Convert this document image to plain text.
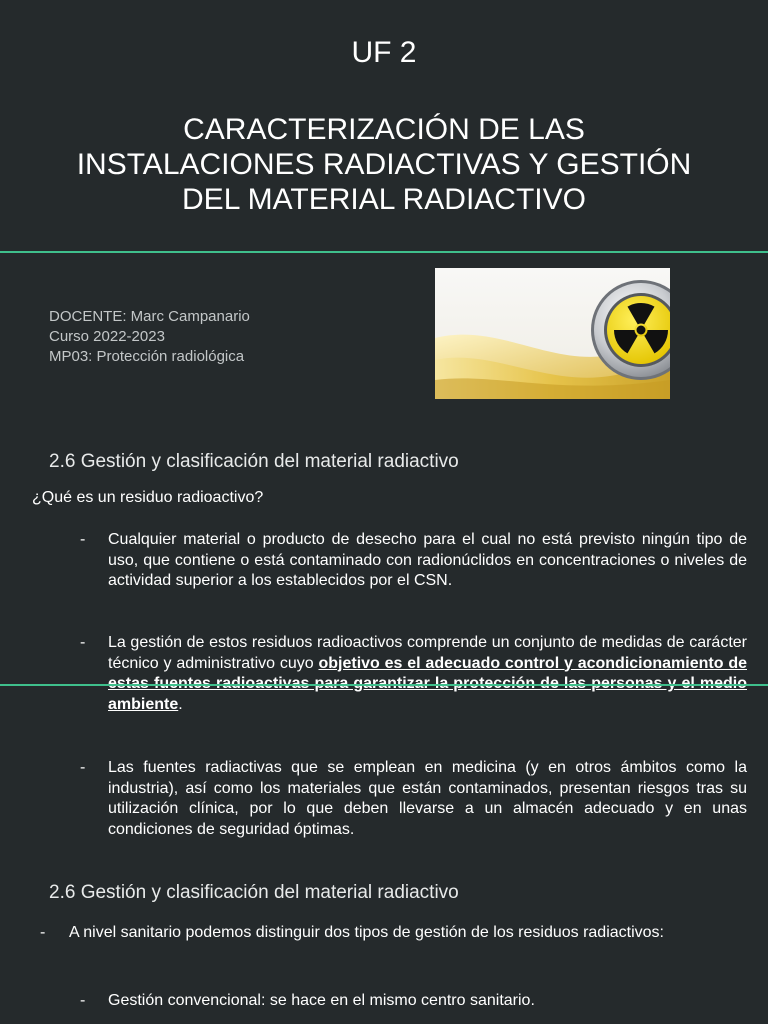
UF 2
CARACTERIZACIÓN DE LAS
INSTALACIONES RADIACTIVAS Y GESTIÓN
DEL MATERIAL RADIACTIVO
DOCENTE: Marc Campanario
Curso 2022-2023
MP03: Protección radiológica
2.6 Gestión y clasificación del material radiactivo
¿Qué es un residuo radioactivo?
- Cualquier material o producto de desecho para el cual no está previsto ningún tipo de uso, que contiene o está contaminado con radionúclidos en concentraciones o niveles de actividad superior a los establecidos por el CSN.
- La gestión de estos residuos radioactivos comprende un conjunto de medidas de carácter técnico y administrativo cuyo objetivo es el adecuado control y acondicionamiento de ambiente.
- Las fuentes radiactivas que se emplean en medicina (y en otros ámbitos como la industria), así como los materiales que están contaminados, presentan riesgos tras su utilización clínica, por lo que deben llevarse a un almacén adecuado y en unas condiciones de seguridad óptimas.
2.6 Gestión y clasificación del material radiactivo
- A nivel sanitario podemos distinguir dos tipos de gestión de los residuos radiactivos:
- Gestión convencional: se hace en el mismo centro sanitario.
